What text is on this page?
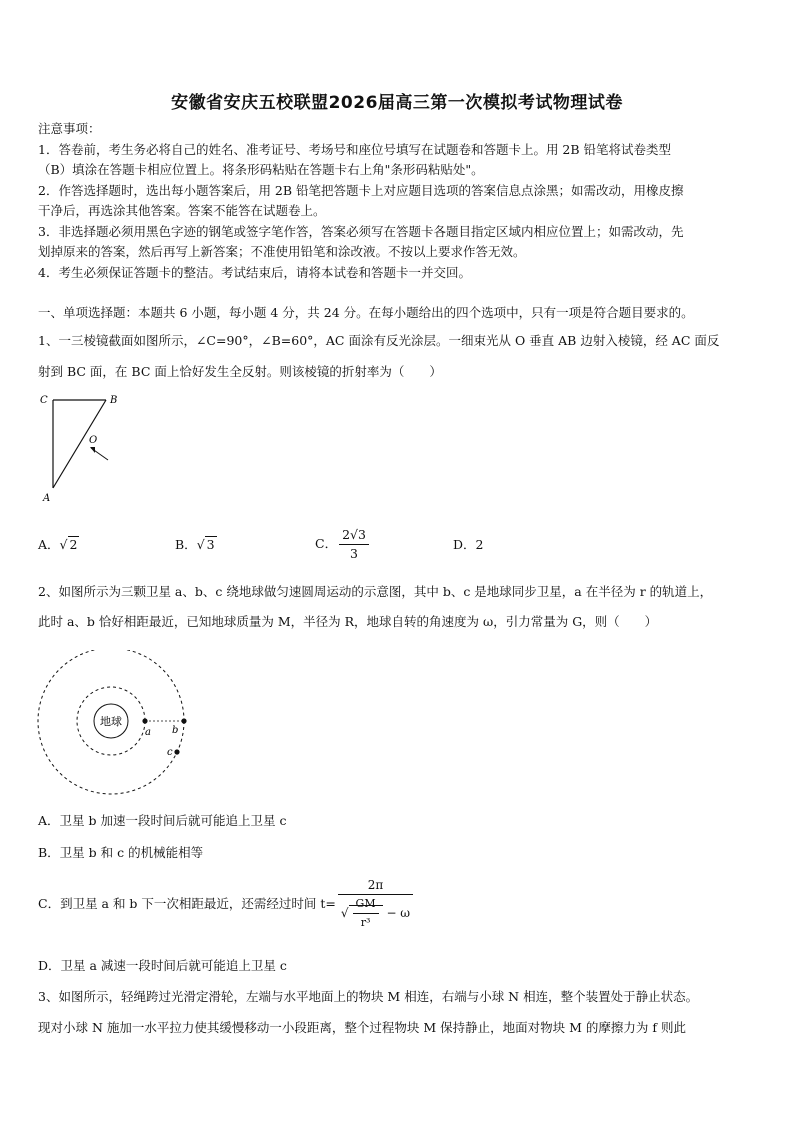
安徽省安庆五校联盟2026届高三第一次模拟考试物理试卷
注意事项：
1．答卷前，考生务必将自己的姓名、准考证号、考场号和座位号填写在试题卷和答题卡上。用 2B 铅笔将试卷类型
（B）填涂在答题卡相应位置上。将条形码粘贴在答题卡右上角"条形码粘贴处"。
2．作答选择题时，选出每小题答案后，用 2B 铅笔把答题卡上对应题目选项的答案信息点涂黑；如需改动，用橡皮擦
干净后，再选涂其他答案。答案不能答在试题卷上。
3．非选择题必须用黑色字迹的钢笔或签字笔作答，答案必须写在答题卡各题目指定区域内相应位置上；如需改动，先
划掉原来的答案，然后再写上新答案；不准使用铅笔和涂改液。不按以上要求作答无效。
4．考生必须保证答题卡的整洁。考试结束后，请将本试卷和答题卡一并交回。
一、单项选择题：本题共 6 小题，每小题 4 分，共 24 分。在每小题给出的四个选项中，只有一项是符合题目要求的。
1、一三棱镜截面如图所示，∠C=90°，∠B=60°，AC 面涂有反光涂层。一细束光从 O 垂直 AB 边射入棱镜，经 AC 面反
射到 BC 面，在 BC 面上恰好发生全反射。则该棱镜的折射率为（　　）
C	B
O
A
A．√ 2	B．√ 3	C． $\frac{2√3}{3}$	D．2
2、如图所示为三颗卫星 a、b、c 绕地球做匀速圆周运动的示意图，其中 b、c 是地球同步卫星，a 在半径为 r 的轨道上，
此时 a、b 恰好相距最近，已知地球质量为 M，半径为 R，地球自转的角速度为 ω，引力常量为 G，则（　　）
地球
a b
c
A．卫星 b 加速一段时间后就可能追上卫星 c
B．卫星 b 和 c 的机械能相等
C．到卫星 a 和 b 下一次相距最近，还需经过时间 $t= \frac{2\pi}{√ \frac{GM}{\text{r³}} - \omega}$
D．卫星 a 减速一段时间后就可能追上卫星 c
3、如图所示，轻绳跨过光滑定滑轮，左端与水平地面上的物块 M 相连，右端与小球 N 相连，整个装置处于静止状态。
现对小球 N 施加一水平拉力使其缓慢移动一小段距离，整个过程物块 M 保持静止，地面对物块 M 的摩擦力为 f 则此
